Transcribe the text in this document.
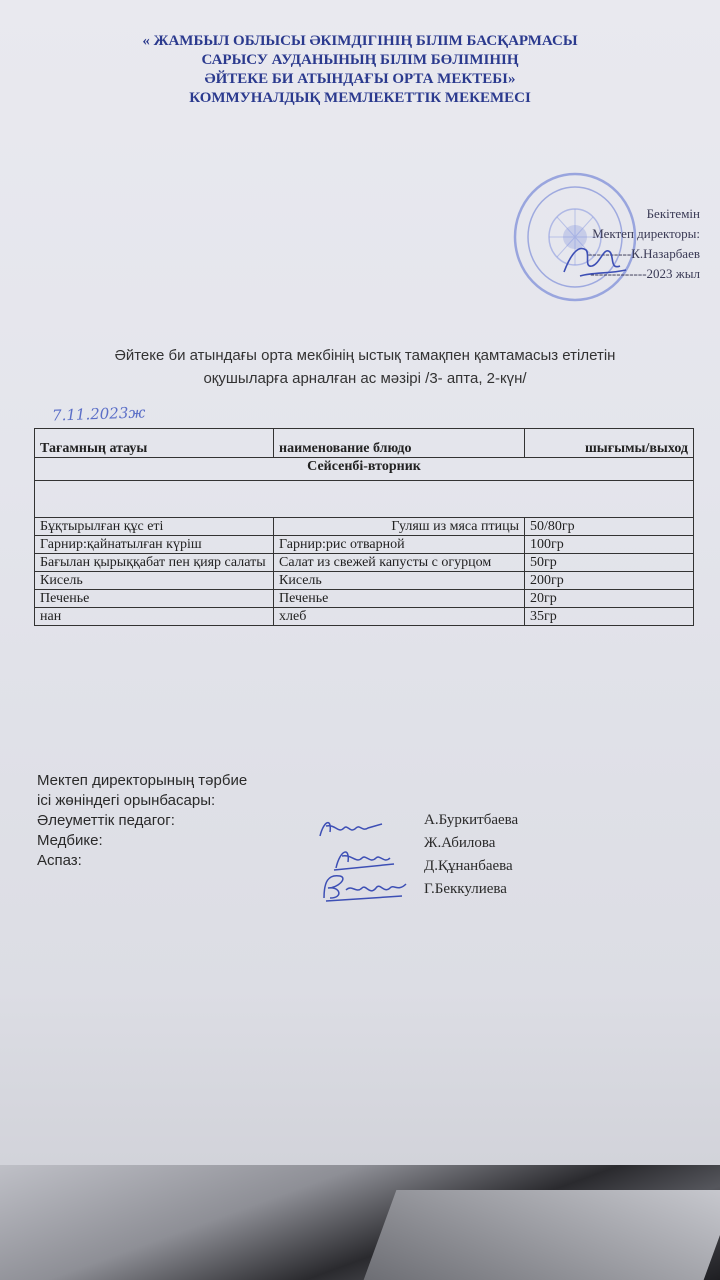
« ЖАМБЫЛ ОБЛЫСЫ ӘКІМДІГІНІҢ БІЛІМ БАСҚАРМАСЫ
САРЫСУ АУДАНЫНЫҢ БІЛІМ БӨЛІМІНІҢ
ӘЙТЕКЕ БИ АТЫНДАҒЫ ОРТА МЕКТЕБІ»
КОММУНАЛДЫҚ МЕМЛЕКЕТТІК МЕКЕМЕСІ
Бекітемін
Мектеп директоры:
----------К.Назарбаев
-------------2023 жыл
Әйтеке би атындағы орта мекбінің ыстық тамақпен қамтамасыз етілетін
оқушыларға арналған ас мәзірі /3- апта, 2-күн/
7.11.2023ж
Тағамның атауы	наименование блюдо	шығымы/выход
Сейсенбі-вторник		

Бұқтырылған құс еті	Гуляш из мяса птицы	50/80гр
Гарнир:қайнатылған күріш	Гарнир:рис отварной	100гр
Бағылан қырыққабат пен қияр салаты	Салат из свежей капусты с огурцом	50гр
Кисель	Кисель	200гр
Печенье	Печенье	20гр
нан	хлеб	35гр
Мектеп директорының тәрбие
ісі жөніндегі орынбасары:
Әлеуметтік педагог:
Медбике:
Аспаз:
А.Буркитбаева
Ж.Абилова
Д.Құнанбаева
Г.Беккулиева
